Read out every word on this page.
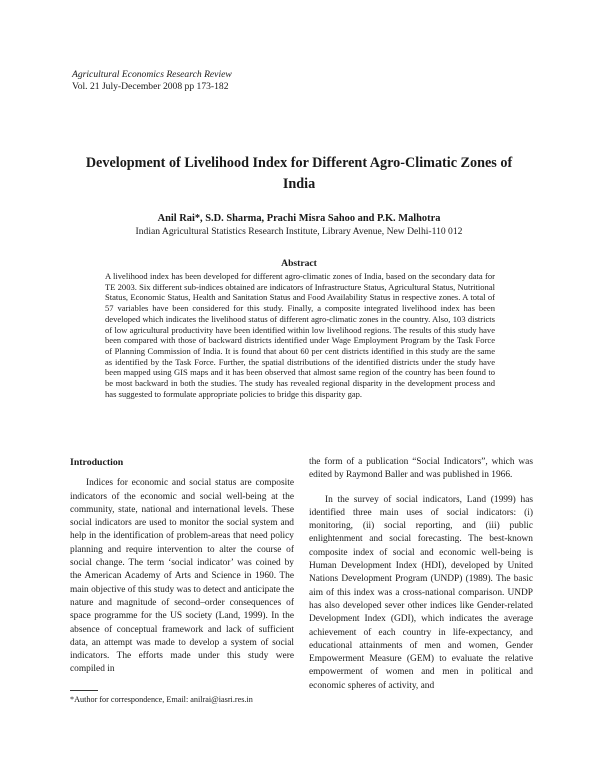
Agricultural Economics Research Review
Vol. 21 July-December 2008 pp 173-182
Development of Livelihood Index for Different Agro-Climatic Zones of India
Anil Rai*, S.D. Sharma, Prachi Misra Sahoo and P.K. Malhotra
Indian Agricultural Statistics Research Institute, Library Avenue, New Delhi-110 012
Abstract
A livelihood index has been developed for different agro-climatic zones of India, based on the secondary data for TE 2003. Six different sub-indices obtained are indicators of Infrastructure Status, Agricultural Status, Nutritional Status, Economic Status, Health and Sanitation Status and Food Availability Status in respective zones. A total of 57 variables have been considered for this study. Finally, a composite integrated livelihood index has been developed which indicates the livelihood status of different agro-climatic zones in the country. Also, 103 districts of low agricultural productivity have been identified within low livelihood regions. The results of this study have been compared with those of backward districts identified under Wage Employment Program by the Task Force of Planning Commission of India. It is found that about 60 per cent districts identified in this study are the same as identified by the Task Force. Further, the spatial distributions of the identified districts under the study have been mapped using GIS maps and it has been observed that almost same region of the country has been found to be most backward in both the studies. The study has revealed regional disparity in the development process and has suggested to formulate appropriate policies to bridge this disparity gap.
Introduction

Indices for economic and social status are composite indicators of the economic and social well-being at the community, state, national and international levels. These social indicators are used to monitor the social system and help in the identification of problem-areas that need policy planning and require intervention to alter the course of social change. The term ‘social indicator’ was coined by the American Academy of Arts and Science in 1960. The main objective of this study was to detect and anticipate the nature and magnitude of second–order consequences of space programme for the US society (Land, 1999). In the absence of conceptual framework and lack of sufficient data, an attempt was made to develop a system of social indicators. The efforts made under this study were compiled in

the form of a publication “Social Indicators”, which was edited by Raymond Baller and was published in 1966.

In the survey of social indicators, Land (1999) has identified three main uses of social indicators: (i) monitoring, (ii) social reporting, and (iii) public enlightenment and social forecasting. The best-known composite index of social and economic well-being is Human Development Index (HDI), developed by United Nations Development Program (UNDP) (1989). The basic aim of this index was a cross-national comparison. UNDP has also developed sever other indices like Gender-related Development Index (GDI), which indicates the average achievement of each country in life-expectancy, and educational attainments of men and women, Gender Empowerment Measure (GEM) to evaluate the relative empowerment of women and men in political and economic spheres of activity, and

*Author for correspondence, Email: anilrai@iasri.res.in
